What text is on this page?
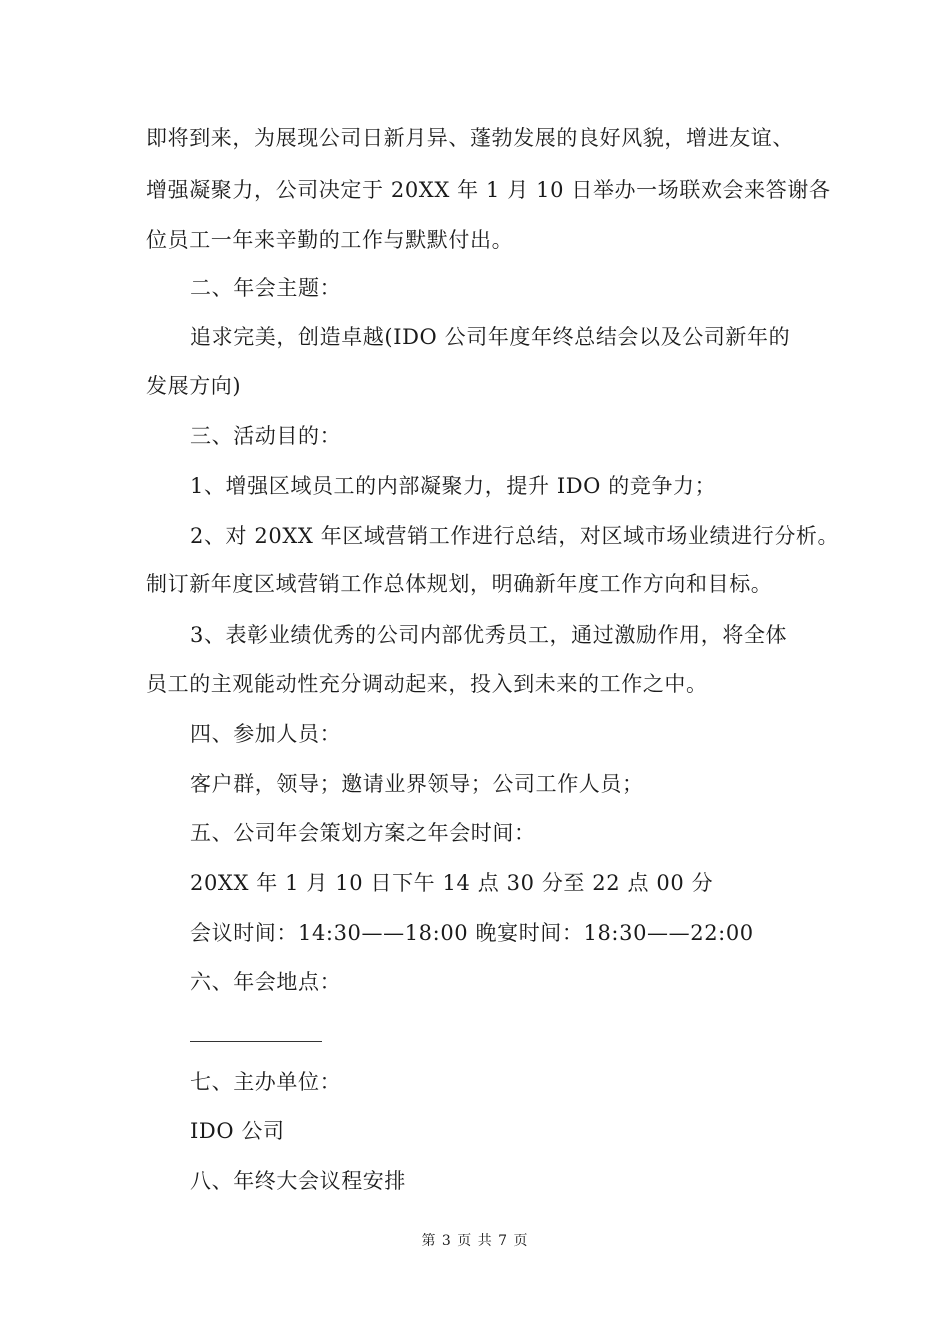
即将到来，为展现公司日新月异、蓬勃发展的良好风貌，增进友谊、
增强凝聚力，公司决定于 20XX 年 1 月 10 日举办一场联欢会来答谢各
位员工一年来辛勤的工作与默默付出。
二、年会主题：
追求完美，创造卓越(IDO 公司年度年终总结会以及公司新年的
发展方向)
三、活动目的：
1、增强区域员工的内部凝聚力，提升 IDO 的竞争力；
2、对 20XX 年区域营销工作进行总结，对区域市场业绩进行分析。
制订新年度区域营销工作总体规划，明确新年度工作方向和目标。
3、表彰业绩优秀的公司内部优秀员工，通过激励作用，将全体
员工的主观能动性充分调动起来，投入到未来的工作之中。
四、参加人员：
客户群，领导；邀请业界领导；公司工作人员；
五、公司年会策划方案之年会时间：
20XX 年 1 月 10 日下午 14 点 30 分至 22 点 00 分
会议时间：14:30——18:00 晚宴时间：18:30——22:00
六、年会地点：
七、主办单位：
IDO 公司
八、年终大会议程安排
第 3 页 共 7 页
